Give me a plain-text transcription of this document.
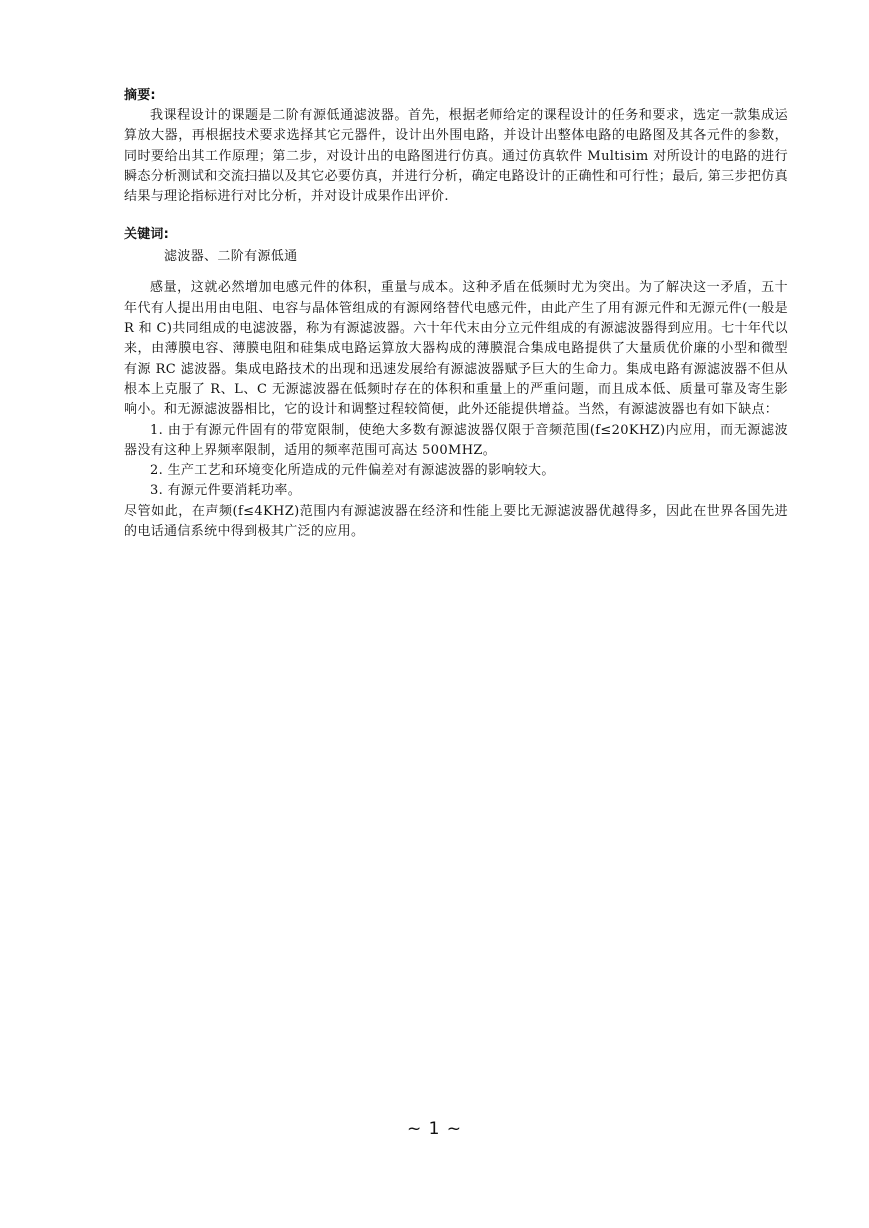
摘要:

我课程设计的课题是二阶有源低通滤波器。首先，根据老师给定的课程设计的任务和要求，选定一款集成运算放大器，再根据技术要求选择其它元器件，设计出外围电路，并设计出整体电路的电路图及其各元件的参数，同时要给出其工作原理；第二步，对设计出的电路图进行仿真。通过仿真软件 Multisim 对所设计的电路的进行瞬态分析测试和交流扫描以及其它必要仿真，并进行分析，确定电路设计的正确性和可行性；最后, 第三步把仿真结果与理论指标进行对比分析，并对设计成果作出评价.

关键词:

滤波器、二阶有源低通

感量，这就必然增加电感元件的体积，重量与成本。这种矛盾在低频时尤为突出。为了解决这一矛盾，五十年代有人提出用由电阻、电容与晶体管组成的有源网络替代电感元件，由此产生了用有源元件和无源元件(一般是 R 和 C)共同组成的电滤波器，称为有源滤波器。六十年代末由分立元件组成的有源滤波器得到应用。七十年代以来，由薄膜电容、薄膜电阻和硅集成电路运算放大器构成的薄膜混合集成电路提供了大量质优价廉的小型和微型有源 RC 滤波器。集成电路技术的出现和迅速发展给有源滤波器赋予巨大的生命力。集成电路有源滤波器不但从根本上克服了 R、L、C 无源滤波器在低频时存在的体积和重量上的严重问题，而且成本低、质量可靠及寄生影响小。和无源滤波器相比，它的设计和调整过程较简便，此外还能提供增益。当然，有源滤波器也有如下缺点：

1. 由于有源元件固有的带宽限制，使绝大多数有源滤波器仅限于音频范围(f≤20KHZ)内应用，而无源滤波器没有这种上界频率限制，适用的频率范围可高达 500MHZ。

2. 生产工艺和环境变化所造成的元件偏差对有源滤波器的影响较大。

3. 有源元件要消耗功率。

尽管如此，在声频(f≤4KHZ)范围内有源滤波器在经济和性能上要比无源滤波器优越得多，因此在世界各国先进的电话通信系统中得到极其广泛的应用。

~ 1 ~
